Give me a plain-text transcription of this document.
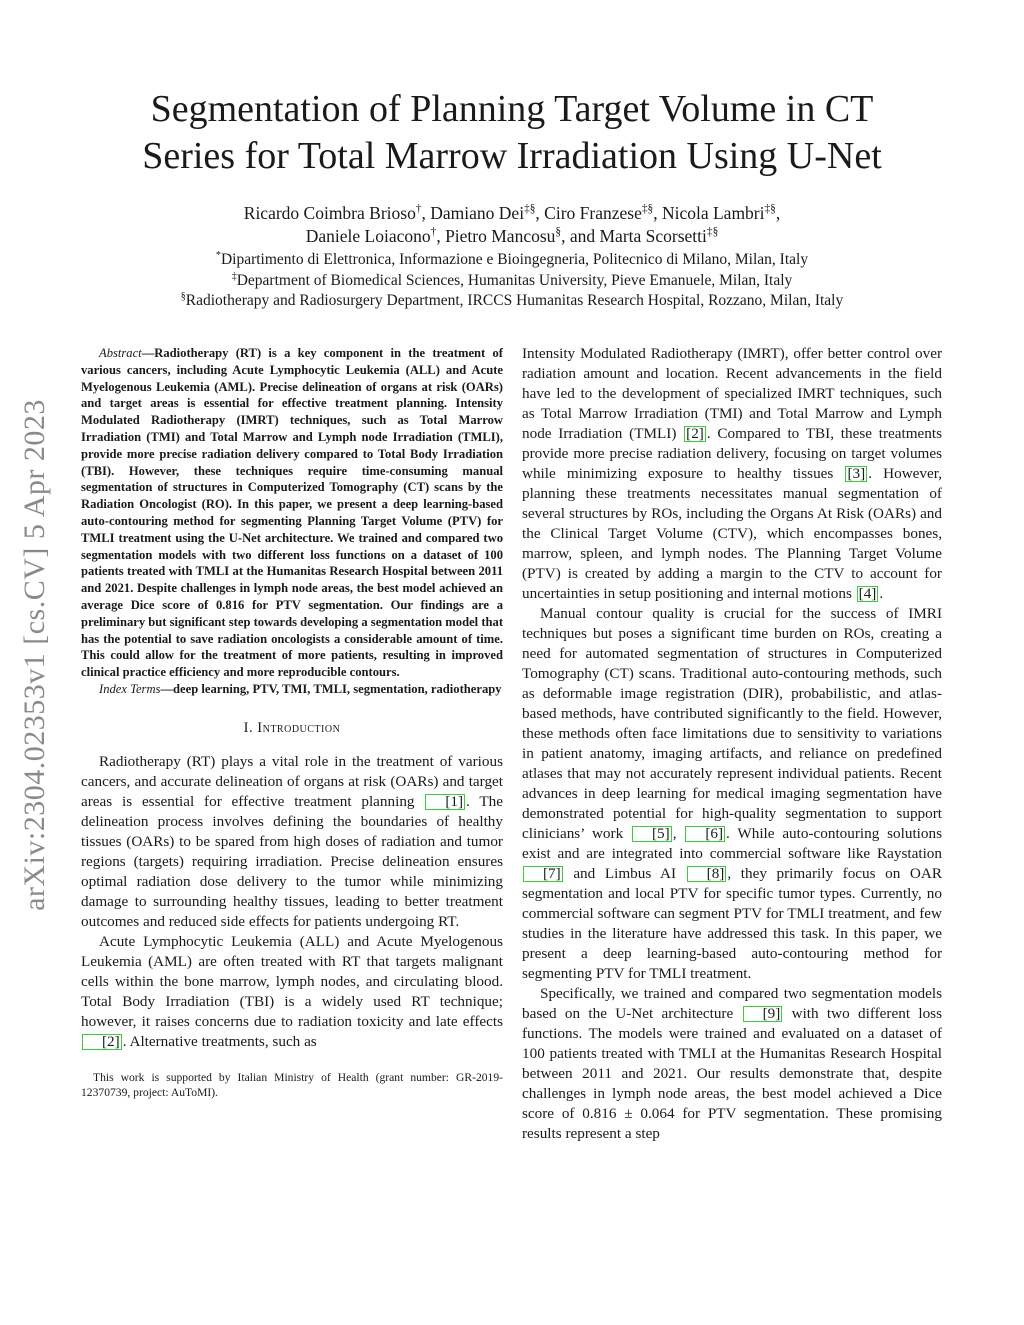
arXiv:2304.02353v1 [cs.CV] 5 Apr 2023
Segmentation of Planning Target Volume in CT
Series for Total Marrow Irradiation Using U-Net
Ricardo Coimbra Brioso†, Damiano Dei‡§, Ciro Franzese‡§, Nicola Lambri‡§,
Daniele Loiacono†, Pietro Mancosu§, and Marta Scorsetti‡§
*Dipartimento di Elettronica, Informazione e Bioingegneria, Politecnico di Milano, Milan, Italy
‡Department of Biomedical Sciences, Humanitas University, Pieve Emanuele, Milan, Italy
§Radiotherapy and Radiosurgery Department, IRCCS Humanitas Research Hospital, Rozzano, Milan, Italy

Abstract—Radiotherapy (RT) is a key component in the treatment of various cancers, including Acute Lymphocytic Leukemia (ALL) and Acute Myelogenous Leukemia (AML). Precise delineation of organs at risk (OARs) and target areas is essential for effective treatment planning. Intensity Modulated Radiotherapy (IMRT) techniques, such as Total Marrow Irradiation (TMI) and Total Marrow and Lymph node Irradiation (TMLI), provide more precise radiation delivery compared to Total Body Irradiation (TBI). However, these techniques require time-consuming manual segmentation of structures in Computerized Tomography (CT) scans by the Radiation Oncologist (RO). In this paper, we present a deep learning-based auto-contouring method for segmenting Planning Target Volume (PTV) for TMLI treatment using the U-Net architecture. We trained and compared two segmentation models with two different loss functions on a dataset of 100 patients treated with TMLI at the Humanitas Research Hospital between 2011 and 2021. Despite challenges in lymph node areas, the best model achieved an average Dice score of 0.816 for PTV segmentation. Our findings are a preliminary but significant step towards developing a segmentation model that has the potential to save radiation oncologists a considerable amount of time. This could allow for the treatment of more patients, resulting in improved clinical practice efficiency and more reproducible contours.

Index Terms—deep learning, PTV, TMI, TMLI, segmentation, radiotherapy

I. Introduction

Radiotherapy (RT) plays a vital role in the treatment of various cancers, and accurate delineation of organs at risk (OARs) and target areas is essential for effective treatment planning [1] . The delineation process involves defining the boundaries of healthy tissues (OARs) to be spared from high doses of radiation and tumor regions (targets) requiring irradiation. Precise delineation ensures optimal radiation dose delivery to the tumor while minimizing damage to surrounding healthy tissues, leading to better treatment outcomes and reduced side effects for patients undergoing RT.

Acute Lymphocytic Leukemia (ALL) and Acute Myelogenous Leukemia (AML) are often treated with RT that targets malignant cells within the bone marrow, lymph nodes, and circulating blood. Total Body Irradiation (TBI) is a widely used RT technique; however, it raises concerns due to radiation toxicity and late effects [2] . Alternative treatments, such as

This work is supported by Italian Ministry of Health (grant number: GR-2019-12370739, project: AuToMI).

Intensity Modulated Radiotherapy (IMRT), offer better control over radiation amount and location. Recent advancements in the field have led to the development of specialized IMRT techniques, such as Total Marrow Irradiation (TMI) and Total Marrow and Lymph node Irradiation (TMLI) [2] . Compared to TBI, these treatments provide more precise radiation delivery, focusing on target volumes while minimizing exposure to healthy tissues [3] . However, planning these treatments necessitates manual segmentation of several structures by ROs, including the Organs At Risk (OARs) and the Clinical Target Volume (CTV), which encompasses bones, marrow, spleen, and lymph nodes. The Planning Target Volume (PTV) is created by adding a margin to the CTV to account for uncertainties in setup positioning and internal motions [4] .

Manual contour quality is crucial for the success of IMRI techniques but poses a significant time burden on ROs, creating a need for automated segmentation of structures in Computerized Tomography (CT) scans. Traditional auto-contouring methods, such as deformable image registration (DIR), probabilistic, and atlas-based methods, have contributed significantly to the field. However, these methods often face limitations due to sensitivity to variations in patient anatomy, imaging artifacts, and reliance on predefined atlases that may not accurately represent individual patients. Recent advances in deep learning for medical imaging segmentation have demonstrated potential for high-quality segmentation to support clinicians’ work [5] , [6] . While auto-contouring solutions exist and are integrated into commercial software like Raystation [7] and Limbus AI [8] , they primarily focus on OAR segmentation and local PTV for specific tumor types. Currently, no commercial software can segment PTV for TMLI treatment, and few studies in the literature have addressed this task. In this paper, we present a deep learning-based auto-contouring method for segmenting PTV for TMLI treatment.

Specifically, we trained and compared two segmentation models based on the U-Net architecture [9] with two different loss functions. The models were trained and evaluated on a dataset of 100 patients treated with TMLI at the Humanitas Research Hospital between 2011 and 2021. Our results demonstrate that, despite challenges in lymph node areas, the best model achieved a Dice score of 0.816 ± 0.064 for PTV segmentation. These promising results represent a step
